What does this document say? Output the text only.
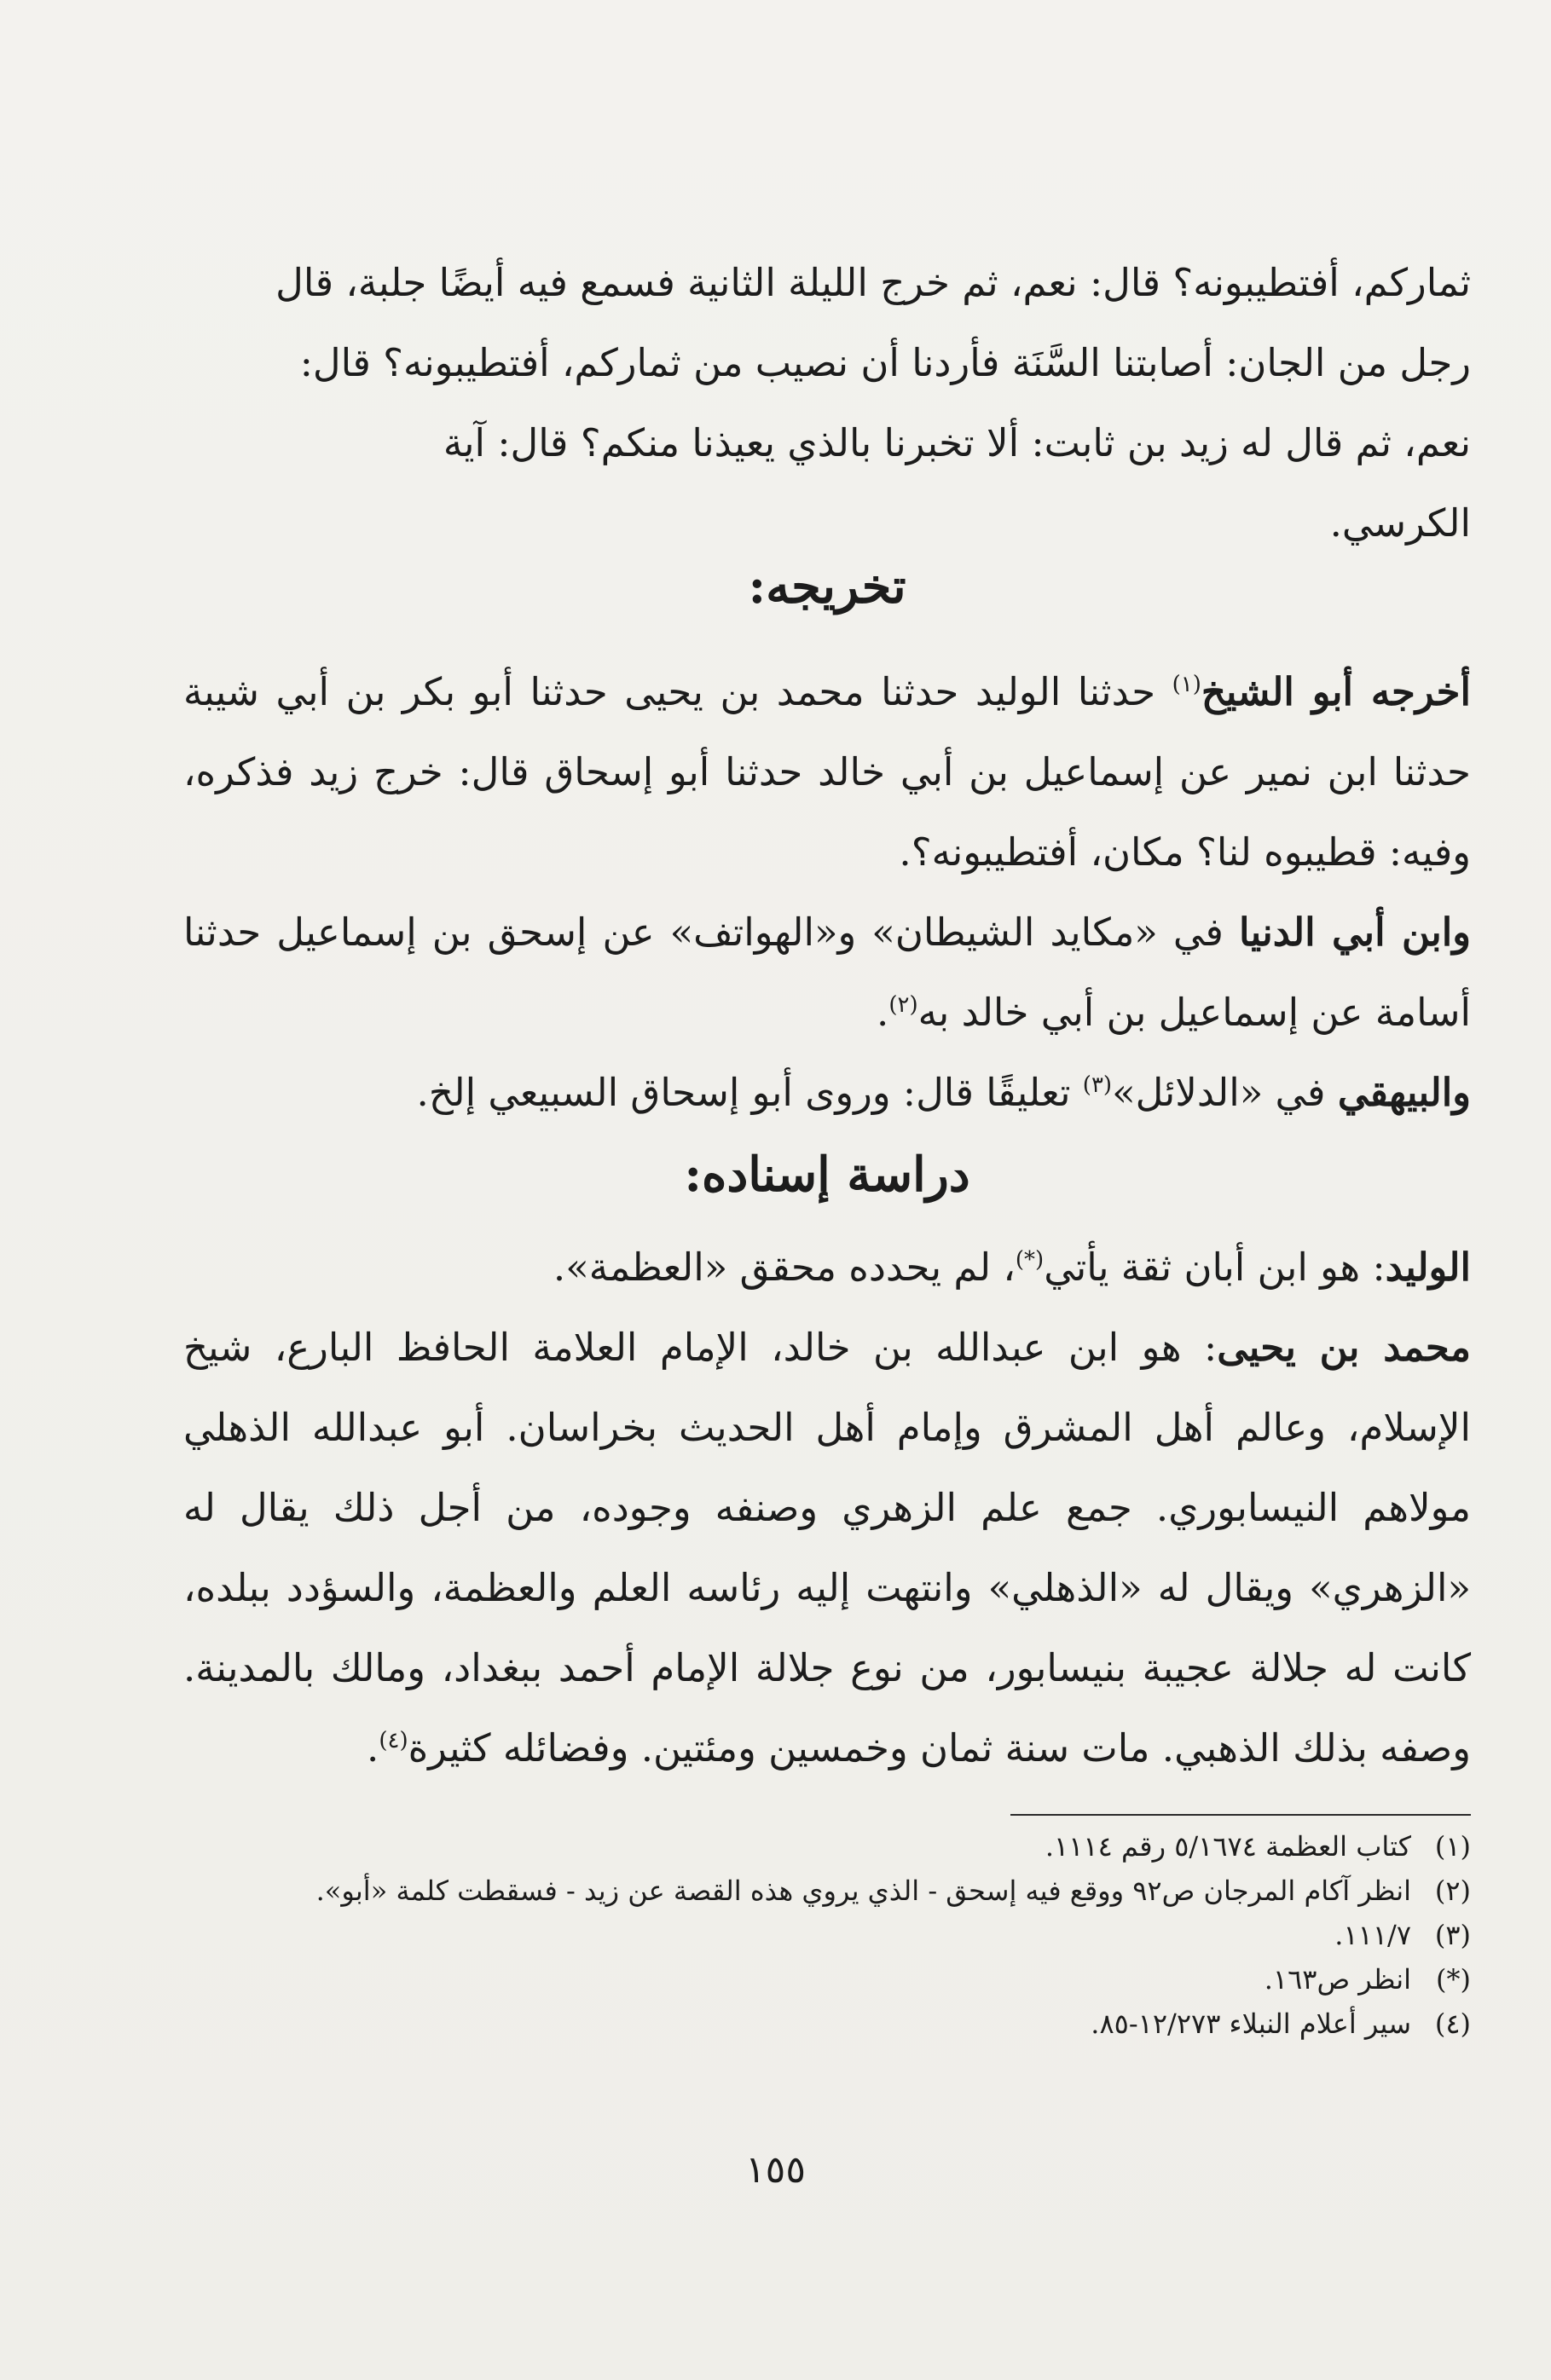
ثماركم، أفتطيبونه؟ قال: نعم، ثم خرج الليلة الثانية فسمع فيه أيضًا جلبة، قال

رجل من الجان: أصابتنا السَّنَة فأردنا أن نصيب من ثماركم، أفتطيبونه؟ قال:

نعم، ثم قال له زيد بن ثابت: ألا تخبرنا بالذي يعيذنا منكم؟ قال: آية

الكرسي.

تخريجه:

أخرجه أبو الشيخ$^{(١)}$ حدثنا الوليد حدثنا محمد بن يحيى حدثنا أبو بكر بن أبي شيبة حدثنا ابن نمير عن إسماعيل بن أبي خالد حدثنا أبو إسحاق قال: خرج زيد فذكره، وفيه: قطيبوه لنا؟ مكان، أفتطيبونه؟.

وابن أبي الدنيا في «مكايد الشيطان» و«الهواتف» عن إسحق بن إسماعيل حدثنا أسامة عن إسماعيل بن أبي خالد به$^{(٢)}$.

والبيهقي في «الدلائل»$^{(٣)}$ تعليقًا قال: وروى أبو إسحاق السبيعي إلخ.

دراسة إسناده:

الوليد: هو ابن أبان ثقة يأتي(*)، لم يحدده محقق «العظمة».

محمد بن يحيى: هو ابن عبدالله بن خالد، الإمام العلامة الحافظ البارع، شيخ الإسلام، وعالم أهل المشرق وإمام أهل الحديث بخراسان. أبو عبدالله الذهلي مولاهم النيسابوري. جمع علم الزهري وصنفه وجوده، من أجل ذلك يقال له «الزهري» ويقال له «الذهلي» وانتهت إليه رئاسه العلم والعظمة، والسؤدد ببلده، كانت له جلالة عجيبة بنيسابور، من نوع جلالة الإمام أحمد ببغداد، ومالك بالمدينة. وصفه بذلك الذهبي. مات سنة ثمان وخمسين ومئتين. وفضائله كثيرة$^{(٤)}$.

(١)كتاب العظمة ٥/١٦٧٤ رقم ١١١٤.
(٢)انظر آكام المرجان ص٩٢ ووقع فيه إسحق - الذي يروي هذه القصة عن زيد - فسقطت كلمة «أبو».
(٣)١١١/٧.
(*)انظر ص١٦٣.
(٤)سير أعلام النبلاء ١٢/٢٧٣-٨٥.
١٥٥
